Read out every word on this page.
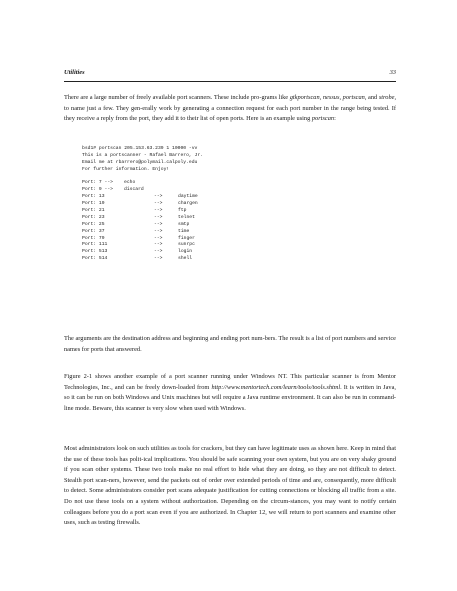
Utilities	33

There are a large number of freely available port scanners. These include pro-grams like gtkportscan, nessus, portscan, and strobe, to name just a few. They gen-erally work by generating a connection request for each port number in the range being tested. If they receive a reply from the port, they add it to their list of open ports. Here is an example using portscan:

bsd1# portscan 205.153.63.239 1 10000 -vv
This is a portscanner - Rafael Barrero, Jr.
Email me at rbarrero@polymail.calpoly.edu
For further information. Enjoy!
Port: 7 --> echo
Port: 9 --> discard
Port: 13	-->	daytime
Port: 19	-->	chargen
Port: 21	-->	ftp
Port: 23	-->	telnet
Port: 25	-->	smtp
Port: 37	-->	time
Port: 79	-->	finger
Port: 111	-->	sunrpc
Port: 513	-->	login
Port: 514	-->	shell

The arguments are the destination address and beginning and ending port num-bers. The result is a list of port numbers and service names for ports that answered.

Figure 2-1 shows another example of a port scanner running under Windows NT. This particular scanner is from Mentor Technologies, Inc., and can be freely down-loaded from http://www.mentortech.com/learn/tools/tools.shtml. It is written in Java, so it can be run on both Windows and Unix machines but will require a Java runtime environment. It can also be run in command-line mode. Beware, this scanner is very slow when used with Windows.

Most administrators look on such utilities as tools for crackers, but they can have legitimate uses as shown here. Keep in mind that the use of these tools has polit-ical implications. You should be safe scanning your own system, but you are on very shaky ground if you scan other systems. These two tools make no real effort to hide what they are doing, so they are not difficult to detect. Stealth port scan-ners, however, send the packets out of order over extended periods of time and are, consequently, more difficult to detect. Some administrators consider port scans adequate justification for cutting connections or blocking all traffic from a site. Do not use these tools on a system without authorization. Depending on the circum-stances, you may want to notify certain colleagues before you do a port scan even if you are authorized. In Chapter 12, we will return to port scanners and examine other uses, such as testing firewalls.
